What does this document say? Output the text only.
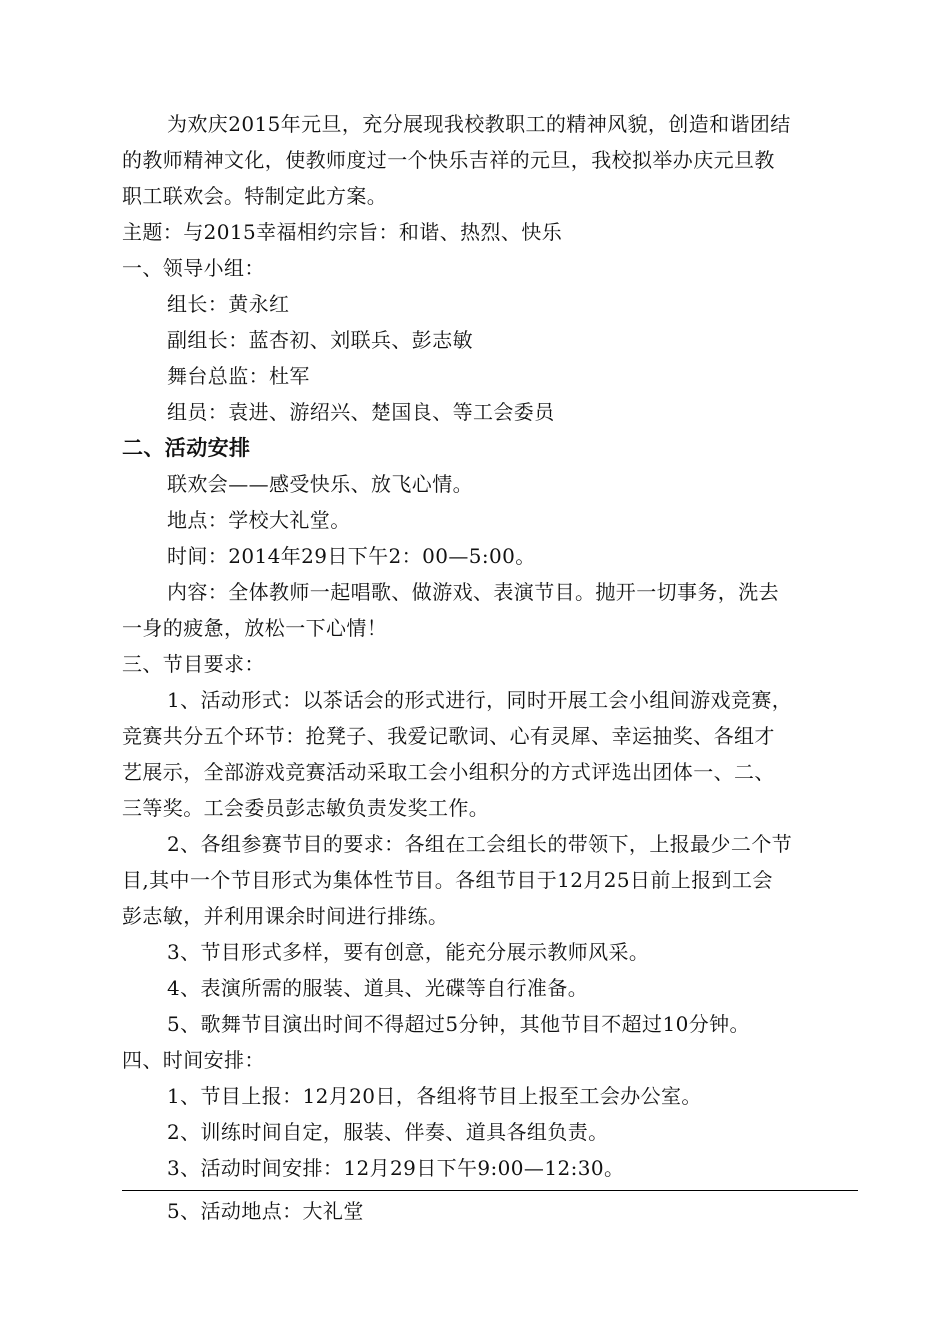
为欢庆2015年元旦，充分展现我校教职工的精神风貌，创造和谐团结
的教师精神文化，使教师度过一个快乐吉祥的元旦，我校拟举办庆元旦教
职工联欢会。特制定此方案。
主题：与2015幸福相约宗旨：和谐、热烈、快乐
一、领导小组：
组长：黄永红
副组长：蓝杏初、刘联兵、彭志敏
舞台总监：杜军
组员：袁进、游绍兴、楚国良、等工会委员
二、活动安排
联欢会——感受快乐、放飞心情。
地点：学校大礼堂。
时间：2014年29日下午2：00—5:00。
内容：全体教师一起唱歌、做游戏、表演节目。抛开一切事务，洗去
一身的疲惫，放松一下心情！
三、节目要求：
1、活动形式：以茶话会的形式进行，同时开展工会小组间游戏竞赛，
竞赛共分五个环节：抢凳子、我爱记歌词、心有灵犀、幸运抽奖、各组才
艺展示，全部游戏竞赛活动采取工会小组积分的方式评选出团体一、二、
三等奖。工会委员彭志敏负责发奖工作。
2、各组参赛节目的要求：各组在工会组长的带领下，上报最少二个节
目,其中一个节目形式为集体性节目。各组节目于12月25日前上报到工会
彭志敏，并利用课余时间进行排练。
3、节目形式多样，要有创意，能充分展示教师风采。
4、表演所需的服装、道具、光碟等自行准备。
5、歌舞节目演出时间不得超过5分钟，其他节目不超过10分钟。
四、时间安排：
1、节目上报：12月20日，各组将节目上报至工会办公室。
2、训练时间自定，服装、伴奏、道具各组负责。
3、活动时间安排：12月29日下午9:00—12:30。
5、活动地点：大礼堂
